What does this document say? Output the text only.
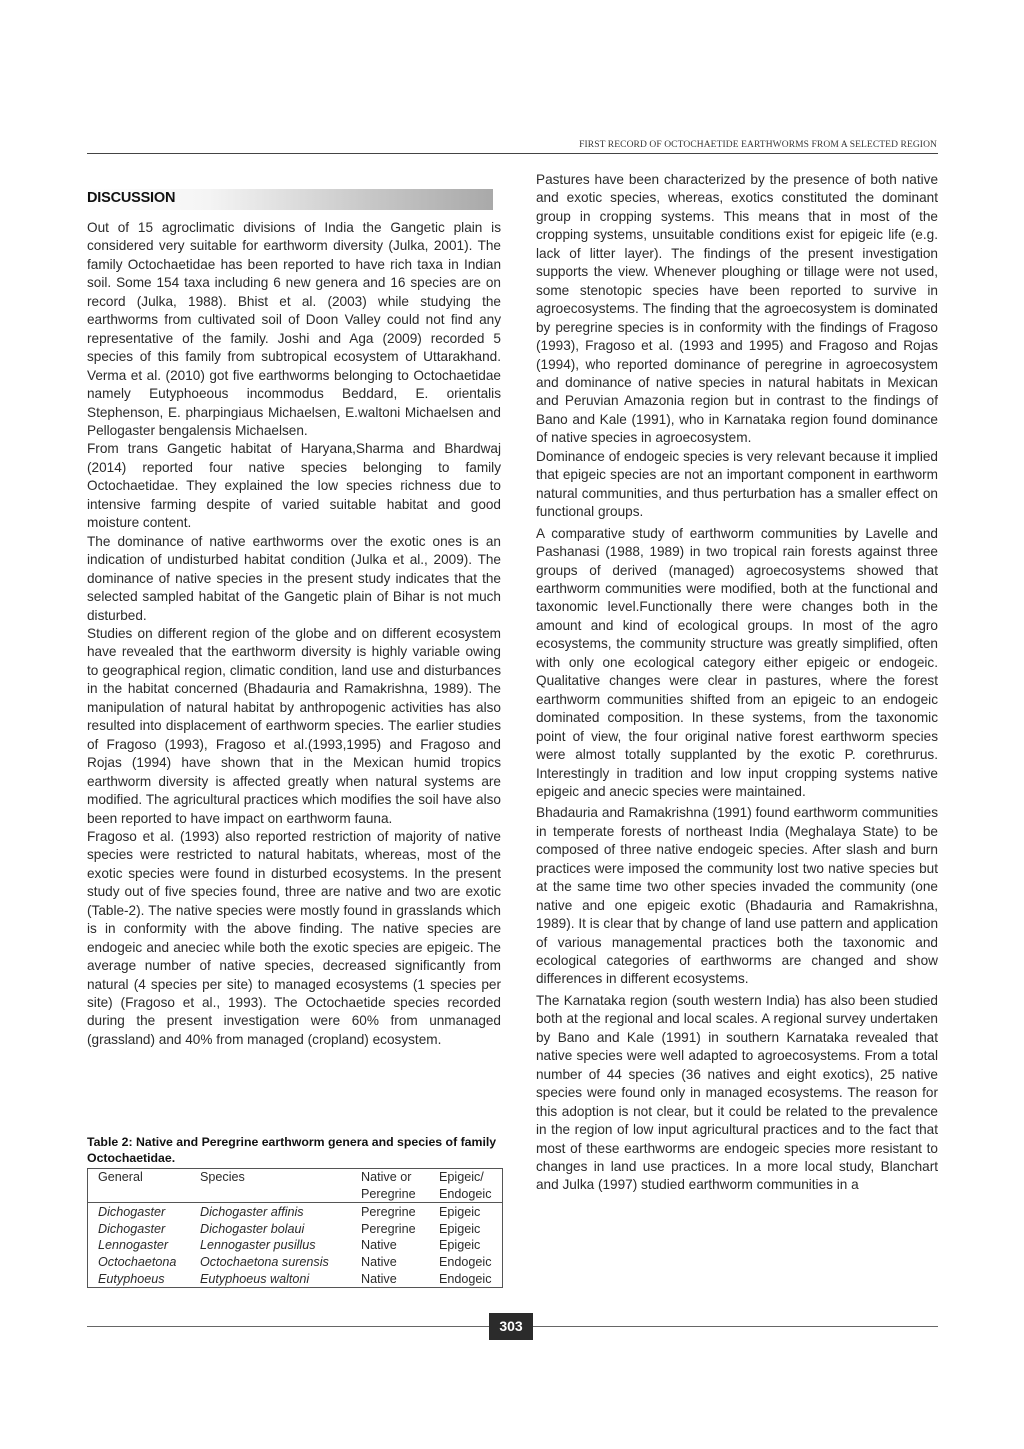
FIRST RECORD OF OCTOCHAETIDE EARTHWORMS FROM A SELECTED REGION
DISCUSSION

Out of 15 agroclimatic divisions of India the Gangetic plain is considered very suitable for earthworm diversity (Julka, 2001). The family Octochaetidae has been reported to have rich taxa in Indian soil. Some 154 taxa including 6 new genera and 16 species are on record (Julka, 1988). Bhist et al. (2003) while studying the earthworms from cultivated soil of Doon Valley could not find any representative of the family. Joshi and Aga (2009) recorded 5 species of this family from subtropical ecosystem of Uttarakhand. Verma et al. (2010) got five earthworms belonging to Octochaetidae namely Eutyphoeous incommodus Beddard, E. orientalis Stephenson, E. pharpingiaus Michaelsen, E.waltoni Michaelsen and Pellogaster bengalensis Michaelsen.

From trans Gangetic habitat of Haryana,Sharma and Bhardwaj (2014) reported four native species belonging to family Octochaetidae. They explained the low species richness due to intensive farming despite of varied suitable habitat and good moisture content.

The dominance of native earthworms over the exotic ones is an indication of undisturbed habitat condition (Julka et al., 2009). The dominance of native species in the present study indicates that the selected sampled habitat of the Gangetic plain of Bihar is not much disturbed.

Studies on different region of the globe and on different ecosystem have revealed that the earthworm diversity is highly variable owing to geographical region, climatic condition, land use and disturbances in the habitat concerned (Bhadauria and Ramakrishna, 1989). The manipulation of natural habitat by anthropogenic activities has also resulted into displacement of earthworm species. The earlier studies of Fragoso (1993), Fragoso et al.(1993,1995) and Fragoso and Rojas (1994) have shown that in the Mexican humid tropics earthworm diversity is affected greatly when natural systems are modified. The agricultural practices which modifies the soil have also been reported to have impact on earthworm fauna.

Fragoso et al. (1993) also reported restriction of majority of native species were restricted to natural habitats, whereas, most of the exotic species were found in disturbed ecosystems. In the present study out of five species found, three are native and two are exotic (Table-2). The native species were mostly found in grasslands which is in conformity with the above finding. The native species are endogeic and aneciec while both the exotic species are epigeic. The average number of native species, decreased significantly from natural (4 species per site) to managed ecosystems (1 species per site) (Fragoso et al., 1993). The Octochaetide species recorded during the present investigation were 60% from unmanaged (grassland) and 40% from managed (cropland) ecosystem.

Table 2: Native and Peregrine earthworm genera and species of family Octochaetidae.
General	Species	Native or Peregrine	Epigeic/ Endogeic
Dichogaster	Dichogaster affinis	Peregrine	Epigeic
Dichogaster	Dichogaster bolaui	Peregrine	Epigeic
Lennogaster	Lennogaster pusillus	Native	Epigeic
Octochaetona	Octochaetona surensis	Native	Endogeic
Eutyphoeus	Eutyphoeus waltoni	Native	Endogeic

Pastures have been characterized by the presence of both native and exotic species, whereas, exotics constituted the dominant group in cropping systems. This means that in most of the cropping systems, unsuitable conditions exist for epigeic life (e.g. lack of litter layer). The findings of the present investigation supports the view. Whenever ploughing or tillage were not used, some stenotopic species have been reported to survive in agroecosystems. The finding that the agroecosystem is dominated by peregrine species is in conformity with the findings of Fragoso (1993), Fragoso et al. (1993 and 1995) and Fragoso and Rojas (1994), who reported dominance of peregrine in agroecosystem and dominance of native species in natural habitats in Mexican and Peruvian Amazonia region but in contrast to the findings of Bano and Kale (1991), who in Karnataka region found dominance of native species in agroecosystem.

Dominance of endogeic species is very relevant because it implied that epigeic species are not an important component in earthworm natural communities, and thus perturbation has a smaller effect on functional groups.

A comparative study of earthworm communities by Lavelle and Pashanasi (1988, 1989) in two tropical rain forests against three groups of derived (managed) agroecosystems showed that earthworm communities were modified, both at the functional and taxonomic level.Functionally there were changes both in the amount and kind of ecological groups. In most of the agro ecosystems, the community structure was greatly simplified, often with only one ecological category either epigeic or endogeic. Qualitative changes were clear in pastures, where the forest earthworm communities shifted from an epigeic to an endogeic dominated composition. In these systems, from the taxonomic point of view, the four original native forest earthworm species were almost totally supplanted by the exotic P. corethrurus. Interestingly in tradition and low input cropping systems native epigeic and anecic species were maintained.

Bhadauria and Ramakrishna (1991) found earthworm communities in temperate forests of northeast India (Meghalaya State) to be composed of three native endogeic species. After slash and burn practices were imposed the community lost two native species but at the same time two other species invaded the community (one native and one epigeic exotic (Bhadauria and Ramakrishna, 1989). It is clear that by change of land use pattern and application of various managemental practices both the taxonomic and ecological categories of earthworms are changed and show differences in different ecosystems.

The Karnataka region (south western India) has also been studied both at the regional and local scales. A regional survey undertaken by Bano and Kale (1991) in southern Karnataka revealed that native species were well adapted to agroecosystems. From a total number of 44 species (36 natives and eight exotics), 25 native species were found only in managed ecosystems. The reason for this adoption is not clear, but it could be related to the prevalence in the region of low input agricultural practices and to the fact that most of these earthworms are endogeic species more resistant to changes in land use practices. In a more local study, Blanchart and Julka (1997) studied earthworm communities in a

303
